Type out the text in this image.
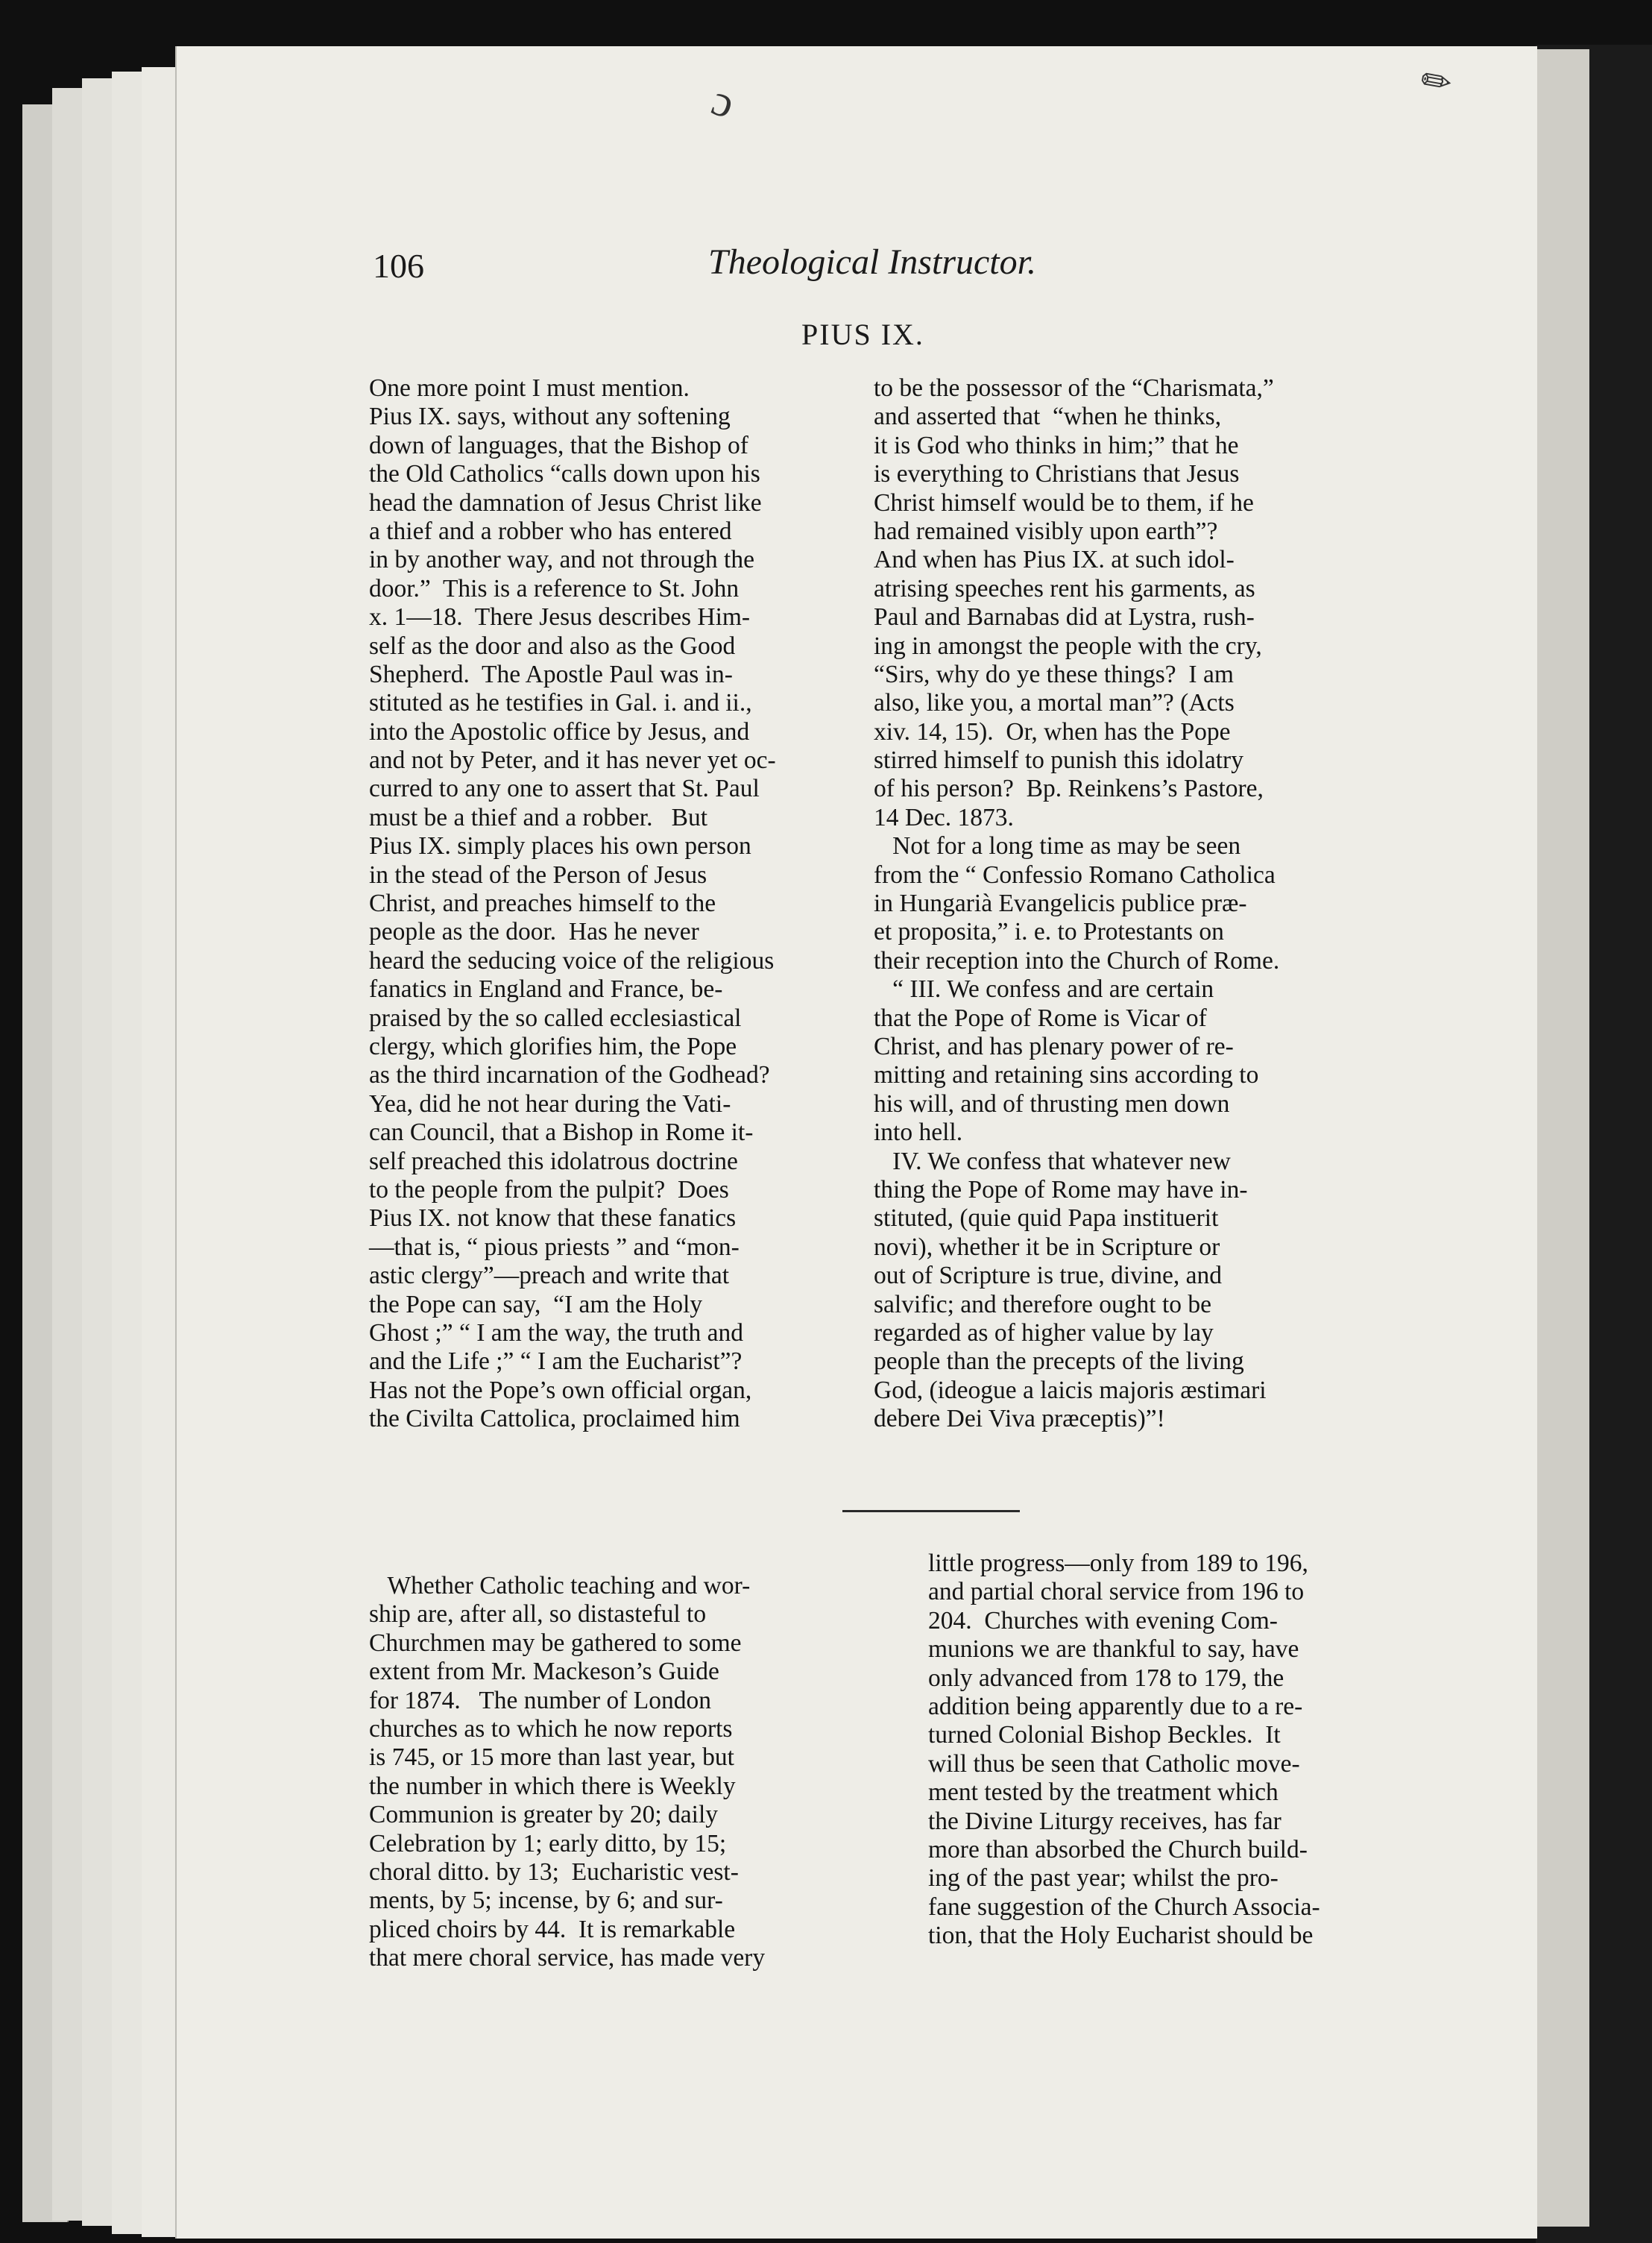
ɔ	✎
106	Theological Instructor.
PIUS IX.
One more point I must mention.
Pius IX. says, without any softening
down of languages, that the Bishop of
the Old Catholics “calls down upon his
head the damnation of Jesus Christ like
a thief and a robber who has entered
in by another way, and not through the
door.”  This is a reference to St. John
x. 1—18.  There Jesus describes Him-
self as the door and also as the Good
Shepherd.  The Apostle Paul was in-
stituted as he testifies in Gal. i. and ii.,
into the Apostolic office by Jesus, and
and not by Peter, and it has never yet oc-
curred to any one to assert that St. Paul
must be a thief and a robber.   But
Pius IX. simply places his own person
in the stead of the Person of Jesus
Christ, and preaches himself to the
people as the door.  Has he never
heard the seducing voice of the religious
fanatics in England and France, be-
praised by the so called ecclesiastical
clergy, which glorifies him, the Pope
as the third incarnation of the Godhead?
Yea, did he not hear during the Vati-
can Council, that a Bishop in Rome it-
self preached this idolatrous doctrine
to the people from the pulpit?  Does
Pius IX. not know that these fanatics
—that is, “ pious priests ” and “mon-
astic clergy”—preach and write that
the Pope can say,  “I am the Holy
Ghost ;” “ I am the way, the truth and
and the Life ;” “ I am the Eucharist”?
Has not the Pope’s own official organ,
the Civilta Cattolica, proclaimed him
to be the possessor of the “Charismata,”
and asserted that  “when he thinks,
it is God who thinks in him;” that he
is everything to Christians that Jesus
Christ himself would be to them, if he
had remained visibly upon earth”?
And when has Pius IX. at such idol-
atrising speeches rent his garments, as
Paul and Barnabas did at Lystra, rush-
ing in amongst the people with the cry,
“Sirs, why do ye these things?  I am
also, like you, a mortal man”? (Acts
xiv. 14, 15).  Or, when has the Pope
stirred himself to punish this idolatry
of his person?  Bp. Reinkens’s Pastore,
14 Dec. 1873.
Not for a long time as may be seen
from the “ Confessio Romano Catholica
in Hungarià Evangelicis publice præ-
et proposita,” i. e. to Protestants on
their reception into the Church of Rome.
“ III. We confess and are certain
that the Pope of Rome is Vicar of
Christ, and has plenary power of re-
mitting and retaining sins according to
his will, and of thrusting men down
into hell.
IV. We confess that whatever new
thing the Pope of Rome may have in-
stituted, (quie quid Papa instituerit
novi), whether it be in Scripture or
out of Scripture is true, divine, and
salvific; and therefore ought to be
regarded as of higher value by lay
people than the precepts of the living
God, (ideogue a laicis majoris æstimari
debere Dei Viva præceptis)”!
Whether Catholic teaching and wor-
ship are, after all, so distasteful to
Churchmen may be gathered to some
extent from Mr. Mackeson’s Guide
for 1874.   The number of London
churches as to which he now reports
is 745, or 15 more than last year, but
the number in which there is Weekly
Communion is greater by 20; daily
Celebration by 1; early ditto, by 15;
choral ditto. by 13;  Eucharistic vest-
ments, by 5; incense, by 6; and sur-
pliced choirs by 44.  It is remarkable
that mere choral service, has made very
little progress—only from 189 to 196,
and partial choral service from 196 to
204.  Churches with evening Com-
munions we are thankful to say, have
only advanced from 178 to 179, the
addition being apparently due to a re-
turned Colonial Bishop Beckles.  It
will thus be seen that Catholic move-
ment tested by the treatment which
the Divine Liturgy receives, has far
more than absorbed the Church build-
ing of the past year; whilst the pro-
fane suggestion of the Church Associa-
tion, that the Holy Eucharist should be
